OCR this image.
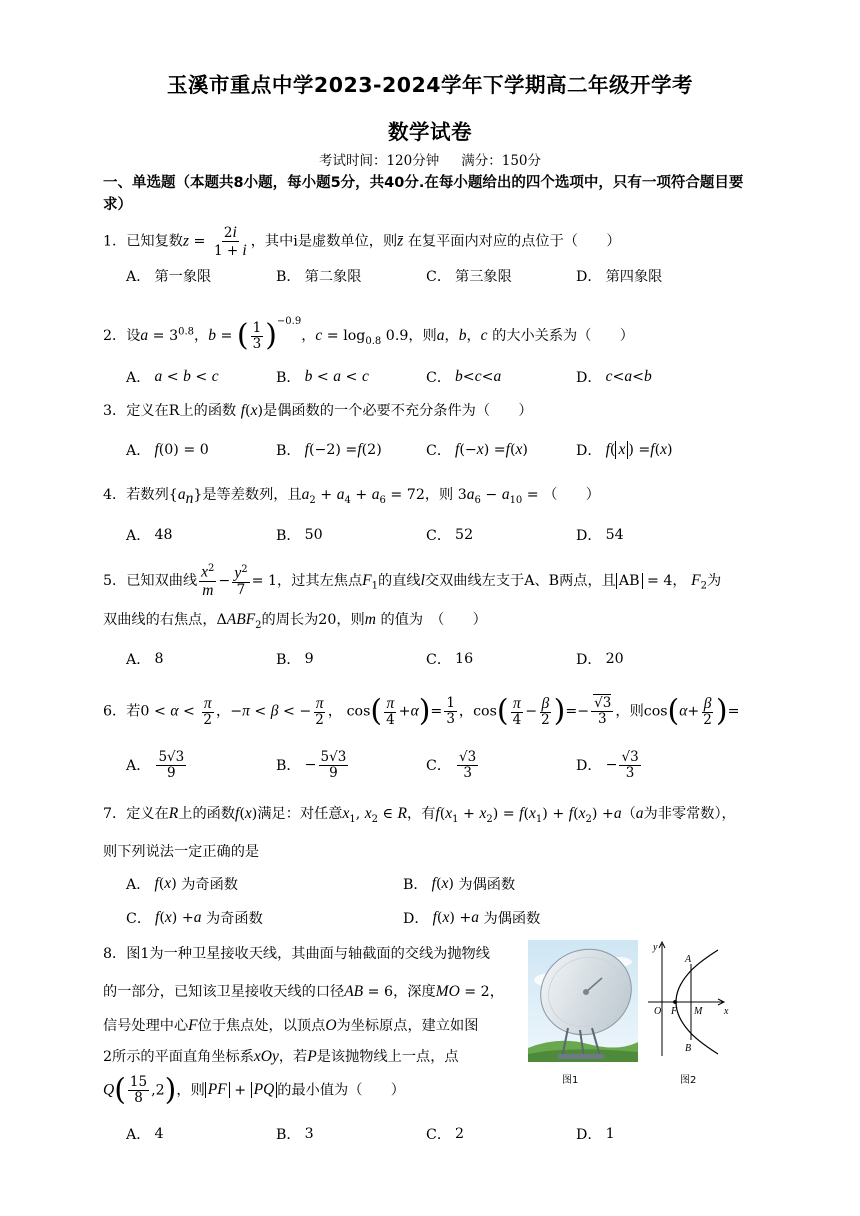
玉溪市重点中学2023-2024学年下学期高二年级开学考
数学试卷
考试时间：120分钟 满分：150分
一、单选题（本题共8小题，每小题5分，共40分.在每小题给出的四个选项中，只有一项符合题目要求）
1．已知复数$z = \frac{2i}{1 + i}$ ，其中i是虚数单位，则z̄ 在复平面内对应的点位于（　　）
A． 第一象限	B． 第二象限	C． 第三象限	D． 第四象限
2．设$a = 3^{0.8}$，b = ( $\frac{1}{3} )^{-0.9}$，$c = \log_{0.8} 0.9$，则a，b，c 的大小关系为（　　）
A． a < b < c	B． b < a < c	C． b < c < a	D． c < a < b
3．定义在R上的函数 f(x)是偶函数的一个必要不充分条件为（　　）
A． f (0) = 0	B． f (−2) = f (2)	C． f (− x ) = f ( x )	D． f ( x ) = f ( x )
4．若数列$\{a_n\}$是等差数列，且$a_2 + a_4 + a_6 = 72$，则 $3a_6 - a_{10}$ = （　　）
A． 48	B． 50	C． 52	D． 54
5．已知双曲线 $\frac{x^2}{m} - \frac{y^2}{7} = 1$，过其左焦点$F_1$的直线l交双曲线左支于A、B两点，且 AB = 4， $F_2$为
双曲线的右焦点，$\Delta ABF_2$的周长为20，则m 的值为　（　　）
A． 8	B． 9	C． 16	D． 20
6．若$0 < \alpha < \frac{\pi}{2}$ ，−π < β < − $\frac{\pi}{2}$ ， $\cos( \frac{\pi}{4} +\alpha)= \frac{1}{3}$ ，$\cos( \frac{\pi}{4} - \frac{\beta}{2}$ )=− $\frac{√3}{3}$ ，则$\cos(\alpha+ \frac{\beta}{2}$ )=
A．
5√3
9	B． −
5√3
9	C．
√3
3	D． −
√3
3
7．定义在R上的函数f(x)满足：对任意$x_1$, $x_2$ ∈ R，有$f(x_1 + x_2) = f(x_1) + f(x_2) +a(a$为非零常数），
则下列说法一定正确的是
A． f ( x ) 为奇函数	B． f ( x ) 为偶函数
C． f ( x ) + a
为奇函数	D． f ( x ) + a
为偶函数
8．图1为一种卫星接收天线，其曲面与轴截面的交线为抛物线
的一部分，已知该卫星接收天线的口径AB = 6，深度MO = 2，
信号处理中心F位于焦点处，以顶点O为坐标原点，建立如图
2所示的平面直角坐标系xOy，若P是该抛物线上一点，点
$Q( \frac{15}{8} ,2)$，则 PF + PQ 的最小值为（　　）
A． 4	B． 3	C． 2	D． 1
图1
y
x
A
B
O F M
图2
